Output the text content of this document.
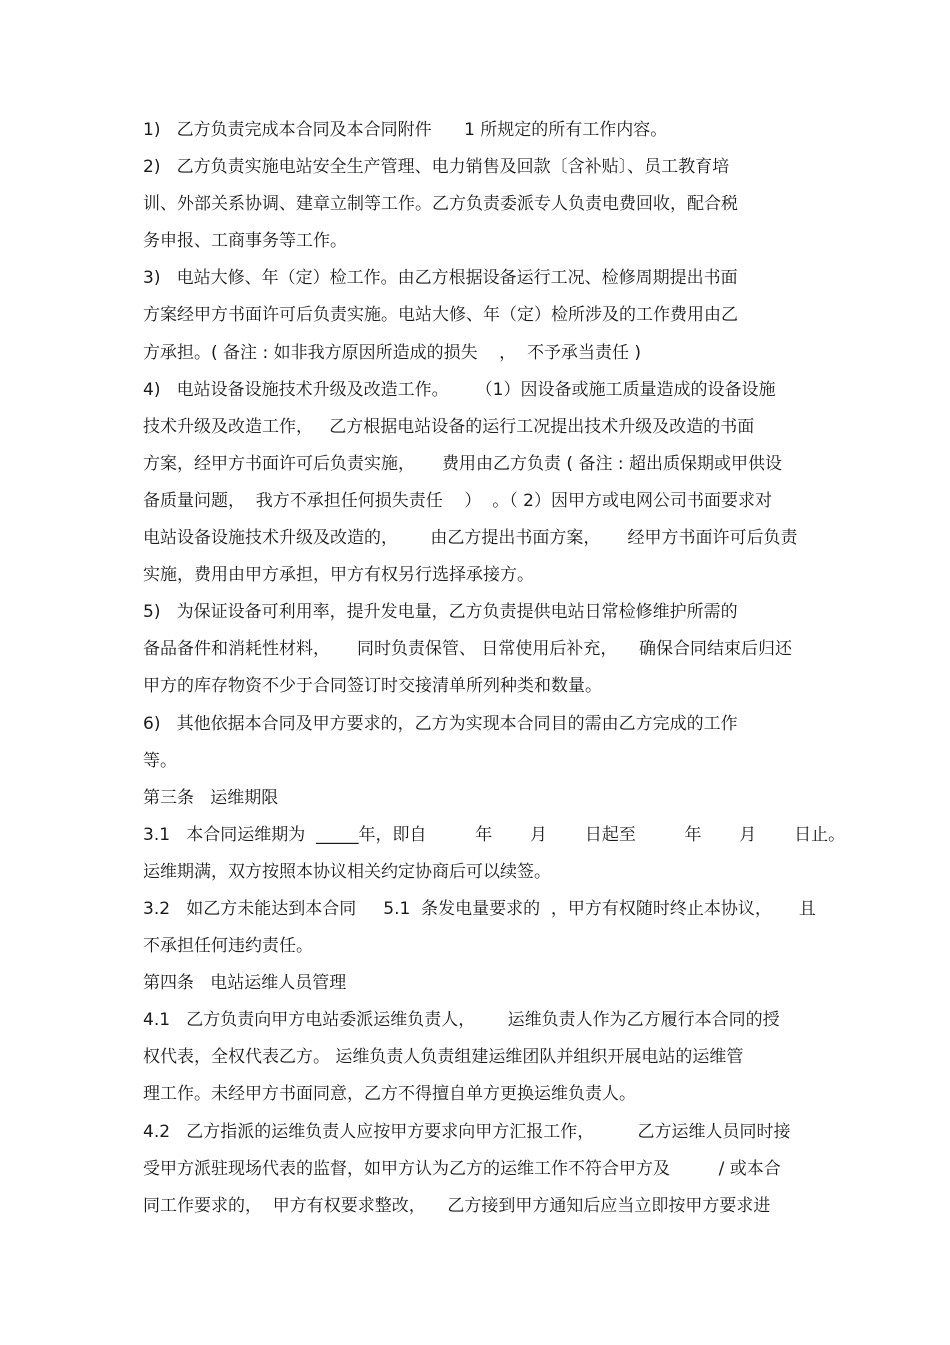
1)   乙方负责完成本合同及本合同附件      1 所规定的所有工作内容。
2)   乙方负责实施电站安全生产管理、电力销售及回款〔含补贴〕、员工教育培
训、外部关系协调、建章立制等工作。乙方负责委派专人负责电费回收，配合税
务申报、工商事务等工作。
3)   电站大修、年（定）检工作。由乙方根据设备运行工况、检修周期提出书面
方案经甲方书面许可后负责实施。电站大修、年（定）检所涉及的工作费用由乙
方承担。( 备注 : 如非我方原因所造成的损失    ，  不予承当责任 )
4)   电站设备设施技术升级及改造工作。     （1）因设备或施工质量造成的设备设施
技术升级及改造工作，   乙方根据电站设备的运行工况提出技术升级及改造的书面
方案，经甲方书面许可后负责实施，     费用由乙方负责 ( 备注 : 超出质保期或甲供设
备质量问题，  我方不承担任何损失责任    ）  。（ 2）因甲方或电网公司书面要求对
电站设备设施技术升级及改造的，      由乙方提出书面方案，     经甲方书面许可后负责
实施，费用由甲方承担，甲方有权另行选择承接方。
5)   为保证设备可利用率，提升发电量，乙方负责提供电站日常检修维护所需的
备品备件和消耗性材料，     同时负责保管、 日常使用后补充，    确保合同结束后归还
甲方的库存物资不少于合同签订时交接清单所列种类和数量。
6)   其他依据本合同及甲方要求的，乙方为实现本合同目的需由乙方完成的工作
等。
第三条   运维期限
3.1   本合同运维期为  _____年，即自         年       月       日起至         年       月       日止。
运维期满，双方按照本协议相关约定协商后可以续签。
3.2   如乙方未能达到本合同     5.1  条发电量要求的  ，甲方有权随时终止本协议，     且
不承担任何违约责任。
第四条   电站运维人员管理
4.1   乙方负责向甲方电站委派运维负责人，      运维负责人作为乙方履行本合同的授
权代表，全权代表乙方。 运维负责人负责组建运维团队并组织开展电站的运维管
理工作。未经甲方书面同意，乙方不得擅自单方更换运维负责人。
4.2   乙方指派的运维负责人应按甲方要求向甲方汇报工作，        乙方运维人员同时接
受甲方派驻现场代表的监督，如甲方认为乙方的运维工作不符合甲方及         / 或本合
同工作要求的，  甲方有权要求整改，    乙方接到甲方通知后应当立即按甲方要求进
